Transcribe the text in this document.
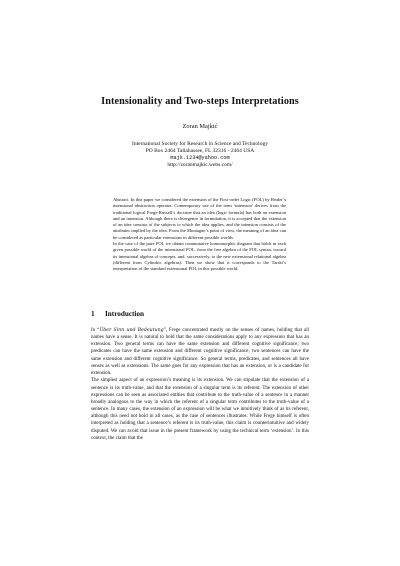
Intensionality and Two-steps Interpretations
Zoran Majkić
International Society for Research in Science and Technology
PO Box 2464 Tallahassee, FL 32316 - 2464 USA
majk.1234@yahoo.com
http://zoranmajkic.webs.com/

Abstract. In this paper we considered the extension of the First-order Logic (FOL) by Bealer’s intensional abstraction operator. Contemporary use of the term ‘intension’ derives from the traditional logical Frege-Russell’s doctrine that an idea (logic formula) has both an extension and an intension. Although there is divergence in formulation, it is accepted that the extension of an idea consists of the subjects to which the idea applies, and the intension consists of the attributes implied by the idea. From the Montague’s point of view, the meaning of an idea can be considered as particular extensions in different possible worlds.

In the case of the pure FOL we obtain commutative homomorphic diagram that holds in each given possible world of the intensional FOL, from the free algebra of the FOL syntax, toward its intensional algebra of concepts, and, successively, to the new extensional relational algebra (different from Cylindric algebras). Then we show that it corresponds to the Tarski’s interpretation of the standard extensional FOL in this possible world.

1 Introduction

In “Über Sinn und Bedeutung”, Frege concentrated mostly on the senses of names, holding that all names have a sense. It is natural to hold that the same considerations apply to any expression that has an extension. Two general terms can have the same extension and different cognitive significance; two predicates can have the same extension and different cognitive significance; two sentences can have the same extension and different cognitive significance. So general terms, predicates, and sentences all have senses as well as extensions. The same goes for any expression that has an extension, or is a candidate for extension.

The simplest aspect of an expression’s meaning is its extension. We can stipulate that the extension of a sentence is its truth-value, and that the extension of a singular term is its referent. The extension of other expressions can be seen as associated entities that contribute to the truth-value of a sentence in a manner broadly analogous to the way in which the referent of a singular term contributes to the truth-value of a sentence. In many cases, the extension of an expression will be what we intuitively think of as its referent, although this need not hold in all cases, as the case of sentences illustrates. While Frege himself is often interpreted as holding that a sentence’s referent is its truth-value, this claim is counterintuitive and widely disputed. We can avoid that issue in the present framework by using the technical term ‘extension’. In this context, the claim that the
